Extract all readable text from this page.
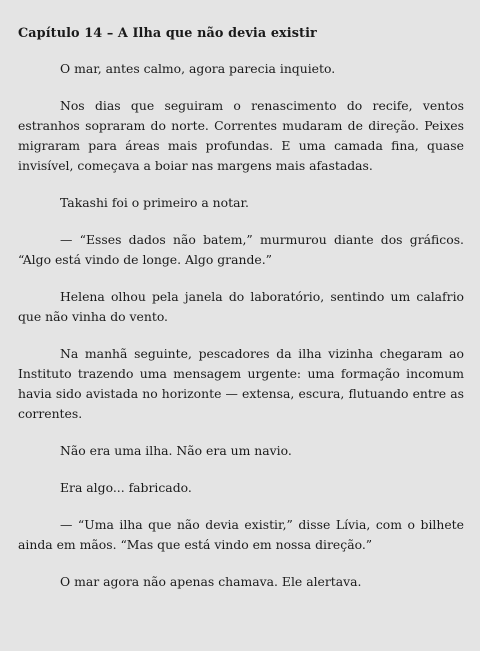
Capítulo 14 – A Ilha que não devia existir

O mar, antes calmo, agora parecia inquieto.

Nos dias que seguiram o renascimento do recife, ventos estranhos sopraram do norte. Correntes mudaram de direção. Peixes migraram para áreas mais profundas. E uma camada fina, quase invisível, começava a boiar nas margens mais afastadas.

Takashi foi o primeiro a notar.

— “Esses dados não batem,” murmurou diante dos gráficos. “Algo está vindo de longe. Algo grande.”

Helena olhou pela janela do laboratório, sentindo um calafrio que não vinha do vento.

Na manhã seguinte, pescadores da ilha vizinha chegaram ao Instituto trazendo uma mensagem urgente: uma formação incomum havia sido avistada no horizonte — extensa, escura, flutuando entre as correntes.

Não era uma ilha. Não era um navio.

Era algo... fabricado.

— “Uma ilha que não devia existir,” disse Lívia, com o bilhete ainda em mãos. “Mas que está vindo em nossa direção.”

O mar agora não apenas chamava. Ele alertava.
